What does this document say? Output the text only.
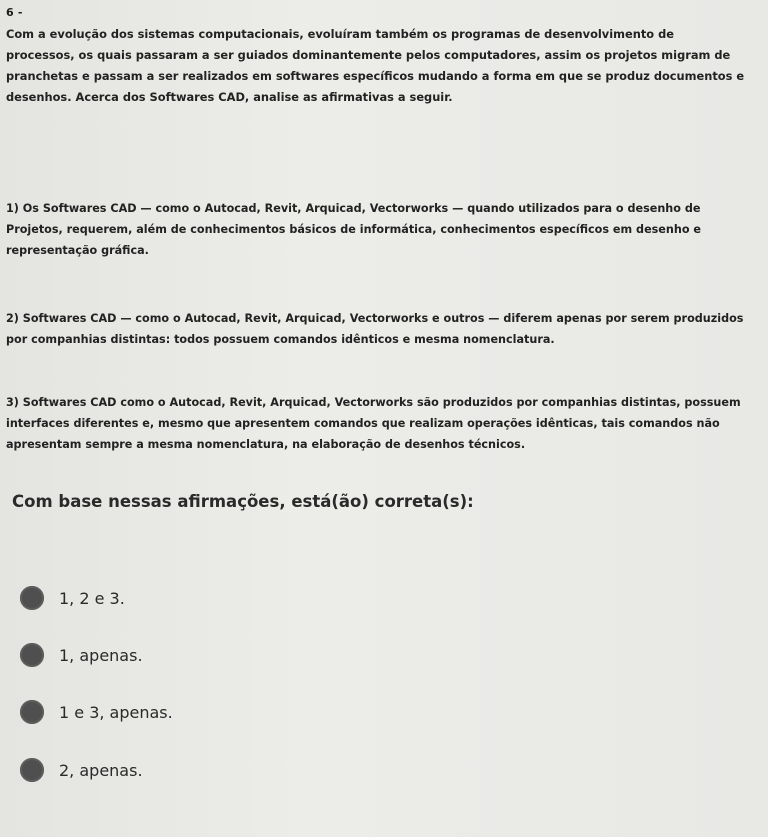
6 -
Com a evolução dos sistemas computacionais, evoluíram também os programas de desenvolvimento de processos, os quais passaram a ser guiados dominantemente pelos computadores, assim os projetos migram de pranchetas e passam a ser realizados em softwares específicos mudando a forma em que se produz documentos e desenhos. Acerca dos Softwares CAD, analise as afirmativas a seguir.
1) Os Softwares CAD — como o Autocad, Revit, Arquicad, Vectorworks — quando utilizados para o desenho de Projetos, requerem, além de conhecimentos básicos de informática, conhecimentos específicos em desenho e representação gráfica.
2) Softwares CAD — como o Autocad, Revit, Arquicad, Vectorworks e outros — diferem apenas por serem produzidos por companhias distintas: todos possuem comandos idênticos e mesma nomenclatura.
3) Softwares CAD como o Autocad, Revit, Arquicad, Vectorworks são produzidos por companhias distintas, possuem interfaces diferentes e, mesmo que apresentem comandos que realizam operações idênticas, tais comandos não apresentam sempre a mesma nomenclatura, na elaboração de desenhos técnicos.
Com base nessas afirmações, está(ão) correta(s):
1, 2 e 3.
1, apenas.
1 e 3, apenas.
2, apenas.
